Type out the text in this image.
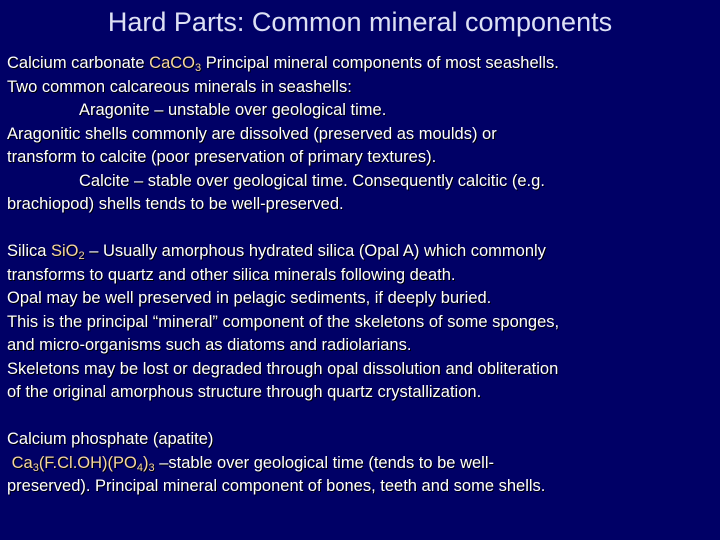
Hard Parts: Common mineral components
Calcium carbonate CaCO$_3$ Principal mineral components of most seashells.
Two common calcareous minerals in seashells:
Aragonite – unstable over geological time.
Aragonitic shells commonly are dissolved (preserved as moulds) or
transform to calcite (poor preservation of primary textures).
Calcite – stable over geological time. Consequently calcitic (e.g.
brachiopod) shells tends to be well-preserved.
Silica SiO$_2$ – Usually amorphous hydrated silica (Opal A) which commonly
transforms to quartz and other silica minerals following death.
Opal may be well preserved in pelagic sediments, if deeply buried.
This is the principal “mineral” component of the skeletons of some sponges,
and micro-organisms such as diatoms and radiolarians.
Skeletons may be lost or degraded through opal dissolution and obliteration
of the original amorphous structure through quartz crystallization.
Calcium phosphate (apatite)
$Ca_3(F.Cl.OH)(PO_4)_3$ –stable over geological time (tends to be well-
preserved). Principal mineral component of bones, teeth and some shells.
